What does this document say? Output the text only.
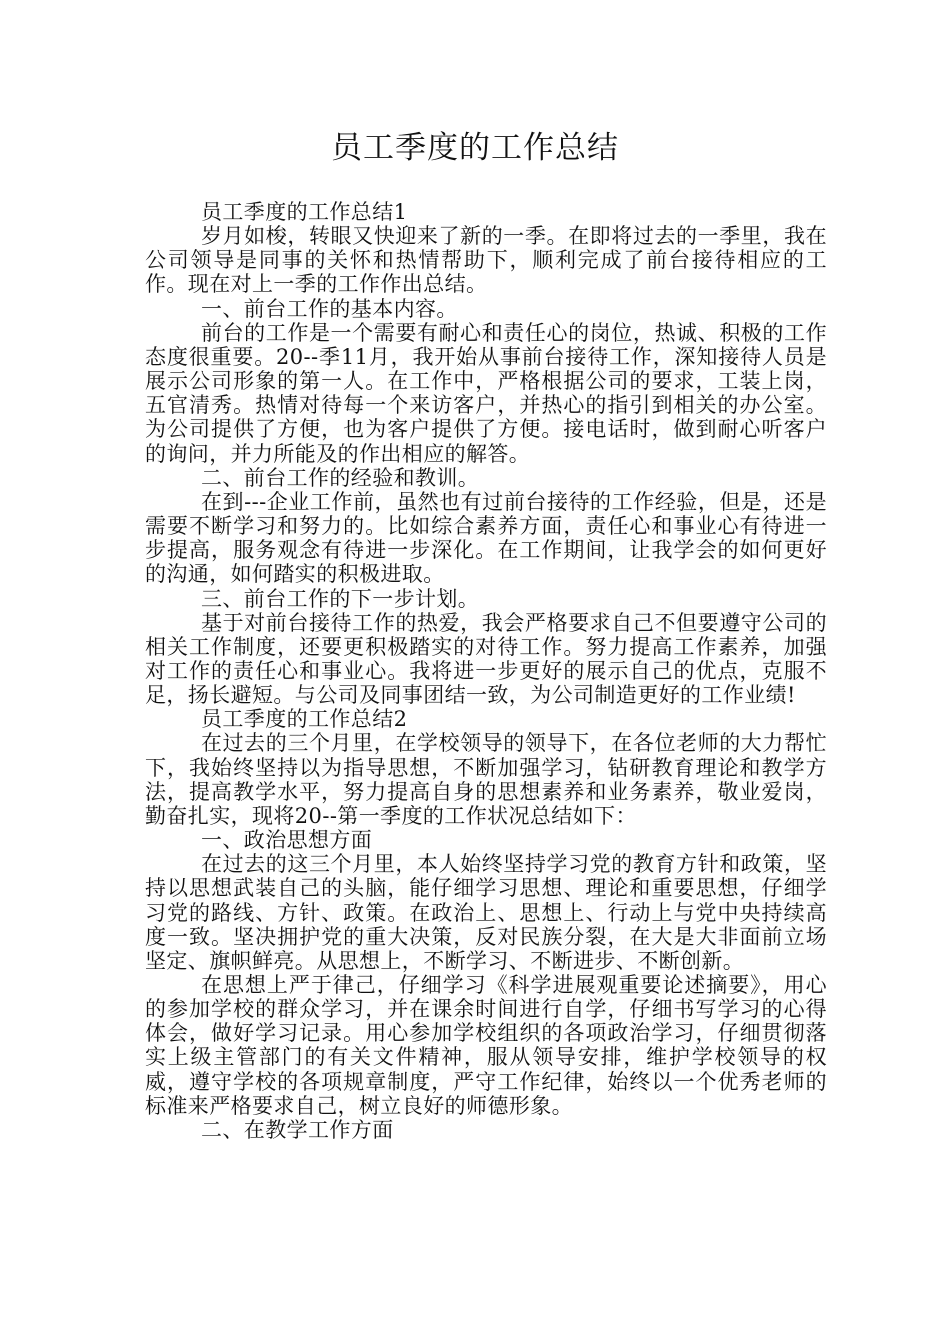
员工季度的工作总结

员工季度的工作总结1

岁月如梭，转眼又快迎来了新的一季。在即将过去的一季里，我在公司领导是同事的关怀和热情帮助下，顺利完成了前台接待相应的工作。现在对上一季的工作作出总结。

一、前台工作的基本内容。

前台的工作是一个需要有耐心和责任心的岗位，热诚、积极的工作态度很重要。20--季11月，我开始从事前台接待工作，深知接待人员是展示公司形象的第一人。在工作中，严格根据公司的要求，工装上岗，五官清秀。热情对待每一个来访客户，并热心的指引到相关的办公室。为公司提供了方便，也为客户提供了方便。接电话时，做到耐心听客户的询问，并力所能及的作出相应的解答。

二、前台工作的经验和教训。

在到---企业工作前，虽然也有过前台接待的工作经验，但是，还是需要不断学习和努力的。比如综合素养方面，责任心和事业心有待进一步提高，服务观念有待进一步深化。在工作期间，让我学会的如何更好的沟通，如何踏实的积极进取。

三、前台工作的下一步计划。

基于对前台接待工作的热爱，我会严格要求自己不但要遵守公司的相关工作制度，还要更积极踏实的对待工作。努力提高工作素养，加强对工作的责任心和事业心。我将进一步更好的展示自己的优点，克服不足，扬长避短。与公司及同事团结一致，为公司制造更好的工作业绩!

员工季度的工作总结2

在过去的三个月里，在学校领导的领导下，在各位老师的大力帮忙下，我始终坚持以为指导思想，不断加强学习，钻研教育理论和教学方法，提高教学水平，努力提高自身的思想素养和业务素养，敬业爱岗，勤奋扎实，现将20--第一季度的工作状况总结如下：

一、政治思想方面

在过去的这三个月里，本人始终坚持学习党的教育方针和政策，坚持以思想武装自己的头脑，能仔细学习思想、理论和重要思想，仔细学习党的路线、方针、政策。在政治上、思想上、行动上与党中央持续高度一致。坚决拥护党的重大决策，反对民族分裂，在大是大非面前立场坚定、旗帜鲜亮。从思想上，不断学习、不断进步、不断创新。

在思想上严于律己，仔细学习《科学进展观重要论述摘要》，用心的参加学校的群众学习，并在课余时间进行自学，仔细书写学习的心得体会，做好学习记录。用心参加学校组织的各项政治学习，仔细贯彻落实上级主管部门的有关文件精神，服从领导安排，维护学校领导的权威，遵守学校的各项规章制度，严守工作纪律，始终以一个优秀老师的标准来严格要求自己，树立良好的师德形象。

二、在教学工作方面
